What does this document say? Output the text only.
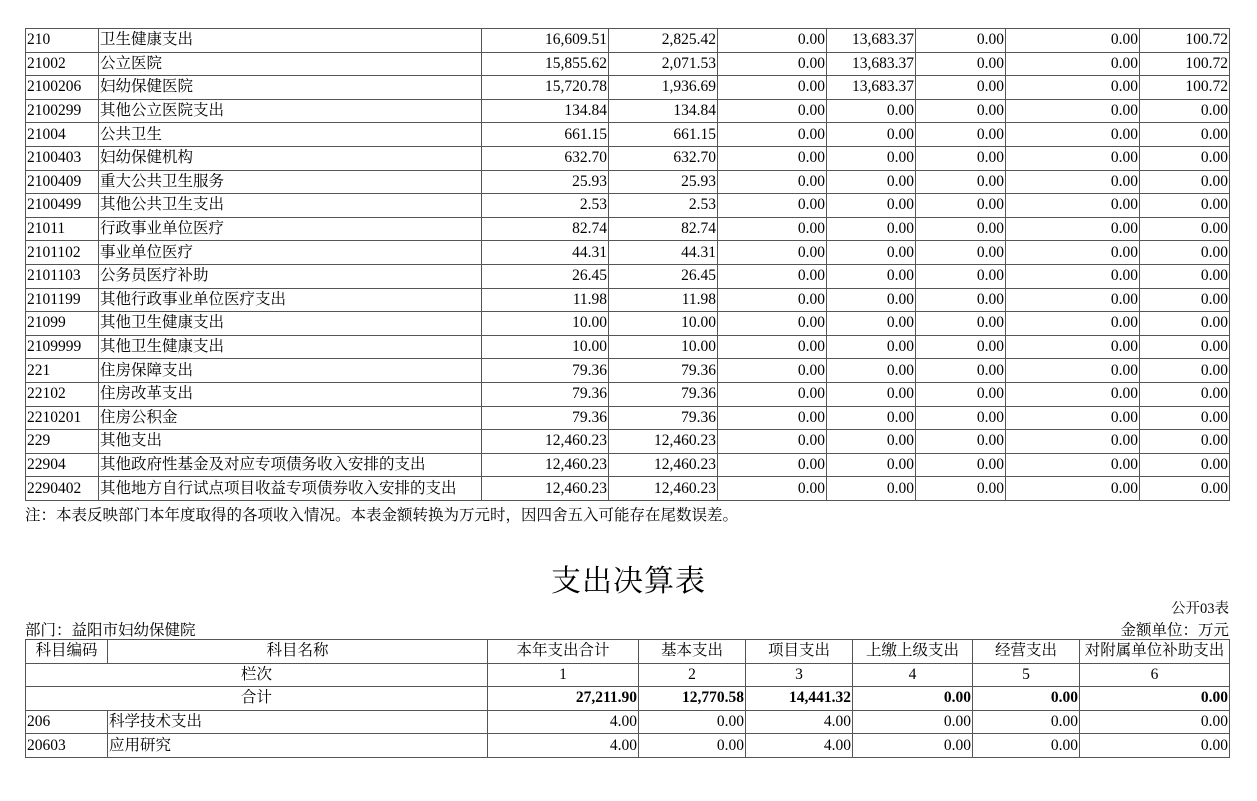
210	卫生健康支出	16,609.51	2,825.42	0.00	13,683.37	0.00	0.00	100.72
21002	公立医院	15,855.62	2,071.53	0.00	13,683.37	0.00	0.00	100.72
2100206	妇幼保健医院	15,720.78	1,936.69	0.00	13,683.37	0.00	0.00	100.72
2100299	其他公立医院支出	134.84	134.84	0.00	0.00	0.00	0.00	0.00
21004	公共卫生	661.15	661.15	0.00	0.00	0.00	0.00	0.00
2100403	妇幼保健机构	632.70	632.70	0.00	0.00	0.00	0.00	0.00
2100409	重大公共卫生服务	25.93	25.93	0.00	0.00	0.00	0.00	0.00
2100499	其他公共卫生支出	2.53	2.53	0.00	0.00	0.00	0.00	0.00
21011	行政事业单位医疗	82.74	82.74	0.00	0.00	0.00	0.00	0.00
2101102	事业单位医疗	44.31	44.31	0.00	0.00	0.00	0.00	0.00
2101103	公务员医疗补助	26.45	26.45	0.00	0.00	0.00	0.00	0.00
2101199	其他行政事业单位医疗支出	11.98	11.98	0.00	0.00	0.00	0.00	0.00
21099	其他卫生健康支出	10.00	10.00	0.00	0.00	0.00	0.00	0.00
2109999	其他卫生健康支出	10.00	10.00	0.00	0.00	0.00	0.00	0.00
221	住房保障支出	79.36	79.36	0.00	0.00	0.00	0.00	0.00
22102	住房改革支出	79.36	79.36	0.00	0.00	0.00	0.00	0.00
2210201	住房公积金	79.36	79.36	0.00	0.00	0.00	0.00	0.00
229	其他支出	12,460.23	12,460.23	0.00	0.00	0.00	0.00	0.00
22904	其他政府性基金及对应专项债务收入安排的支出	12,460.23	12,460.23	0.00	0.00	0.00	0.00	0.00
2290402	其他地方自行试点项目收益专项债券收入安排的支出	12,460.23	12,460.23	0.00	0.00	0.00	0.00	0.00
注：本表反映部门本年度取得的各项收入情况。本表金额转换为万元时，因四舍五入可能存在尾数误差。
支出决算表
公开03表
部门：益阳市妇幼保健院	金额单位：万元
科目编码	科目名称	本年支出合计	基本支出	项目支出	上缴上级支出	经营支出	对附属单位补助支出
栏次		1	2	3	4	5	6
合计		27,211.90	12,770.58	14,441.32	0.00	0.00	0.00
206	科学技术支出	4.00	0.00	4.00	0.00	0.00	0.00
20603	应用研究	4.00	0.00	4.00	0.00	0.00	0.00
